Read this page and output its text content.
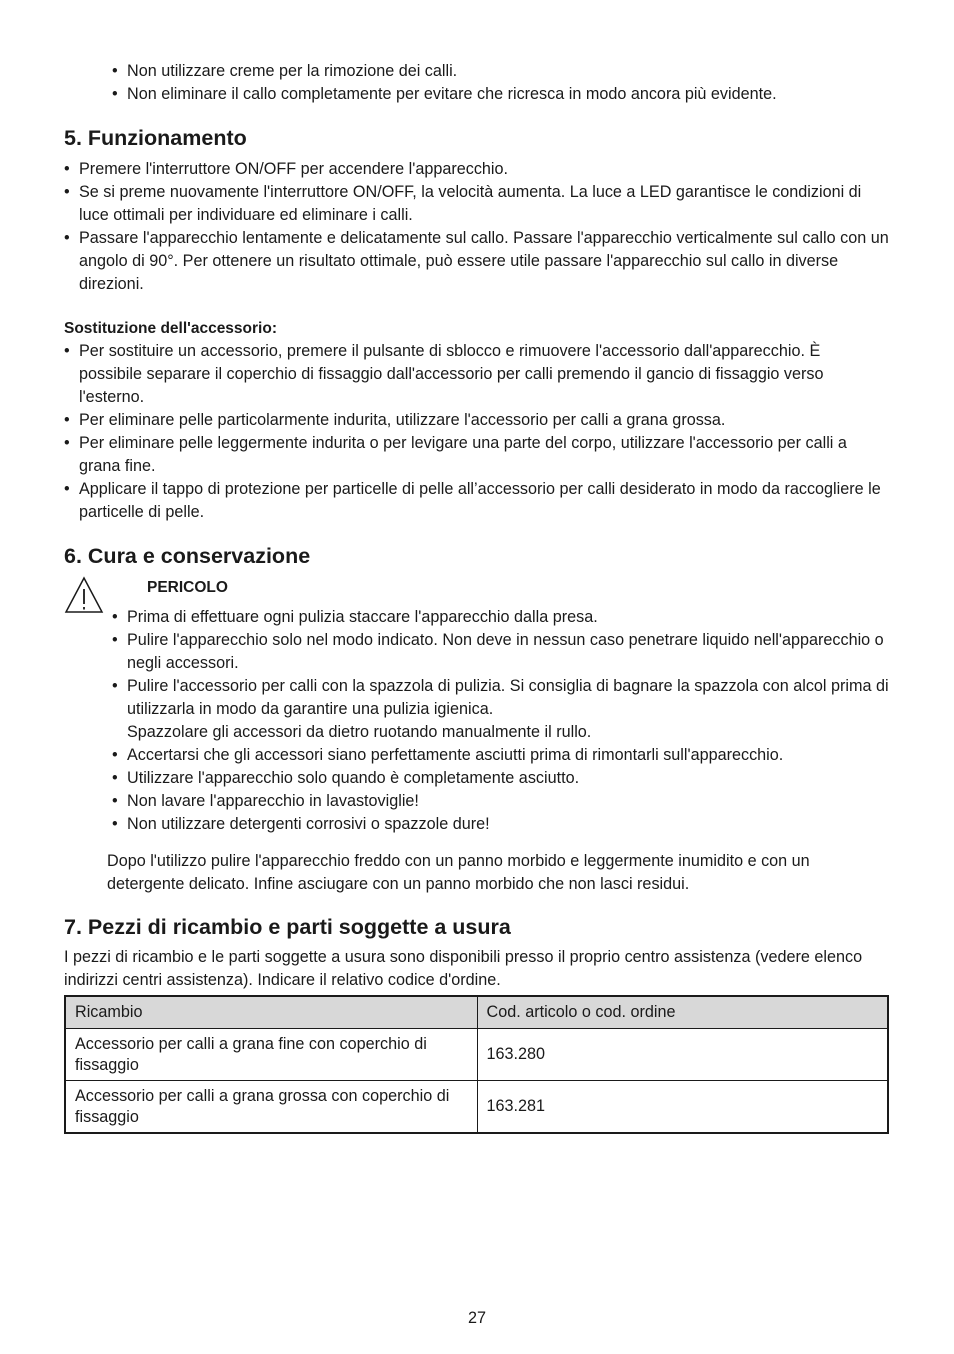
• Non utilizzare creme per la rimozione dei calli.
• Non eliminare il callo completamente per evitare che ricresca in modo ancora più evidente.
5. Funzionamento
• Premere l'interruttore ON/OFF per accendere l'apparecchio.
• Se si preme nuovamente l'interruttore ON/OFF, la velocità aumenta. La luce a LED garantisce le condizioni di luce ottimali per individuare ed eliminare i calli.
• Passare l'apparecchio lentamente e delicatamente sul callo. Passare l'apparecchio verticalmente sul callo con un angolo di 90°. Per ottenere un risultato ottimale, può essere utile passare l'apparecchio sul callo in diverse direzioni.
Sostituzione dell'accessorio:
• Per sostituire un accessorio, premere il pulsante di sblocco e rimuovere l'accessorio dall'apparecchio. È possibile separare il coperchio di fissaggio dall'accessorio per calli premendo il gancio di fissaggio verso l'esterno.
• Per eliminare pelle particolarmente indurita, utilizzare l'accessorio per calli a grana grossa.
• Per eliminare pelle leggermente indurita o per levigare una parte del corpo, utilizzare l'accessorio per calli a grana fine.
• Applicare il tappo di protezione per particelle di pelle all’accessorio per calli desiderato in modo da raccogliere le particelle di pelle.
6. Cura e conservazione
PERICOLO
• Prima di effettuare ogni pulizia staccare l'apparecchio dalla presa.
• Pulire l'apparecchio solo nel modo indicato. Non deve in nessun caso penetrare liquido nell'apparecchio o negli accessori.
• Pulire l'accessorio per calli con la spazzola di pulizia. Si consiglia di bagnare la spazzola con alcol prima di utilizzarla in modo da garantire una pulizia igienica.
Spazzolare gli accessori da dietro ruotando manualmente il rullo.
• Accertarsi che gli accessori siano perfettamente asciutti prima di rimontarli sull'apparecchio.
• Utilizzare l'apparecchio solo quando è completamente asciutto.
• Non lavare l'apparecchio in lavastoviglie!
• Non utilizzare detergenti corrosivi o spazzole dure!

Dopo l'utilizzo pulire l'apparecchio freddo con un panno morbido e leggermente inumidito e con un detergente delicato. Infine asciugare con un panno morbido che non lasci residui.

7. Pezzi di ricambio e parti soggette a usura

I pezzi di ricambio e le parti soggette a usura sono disponibili presso il proprio centro assistenza (vedere elenco indirizzi centri assistenza). Indicare il relativo codice d'ordine.

Ricambio	Cod. articolo o cod. ordine
Accessorio per calli a grana fine con coperchio di fissaggio	163.280
Accessorio per calli a grana grossa con coperchio di fissaggio	163.281
27
